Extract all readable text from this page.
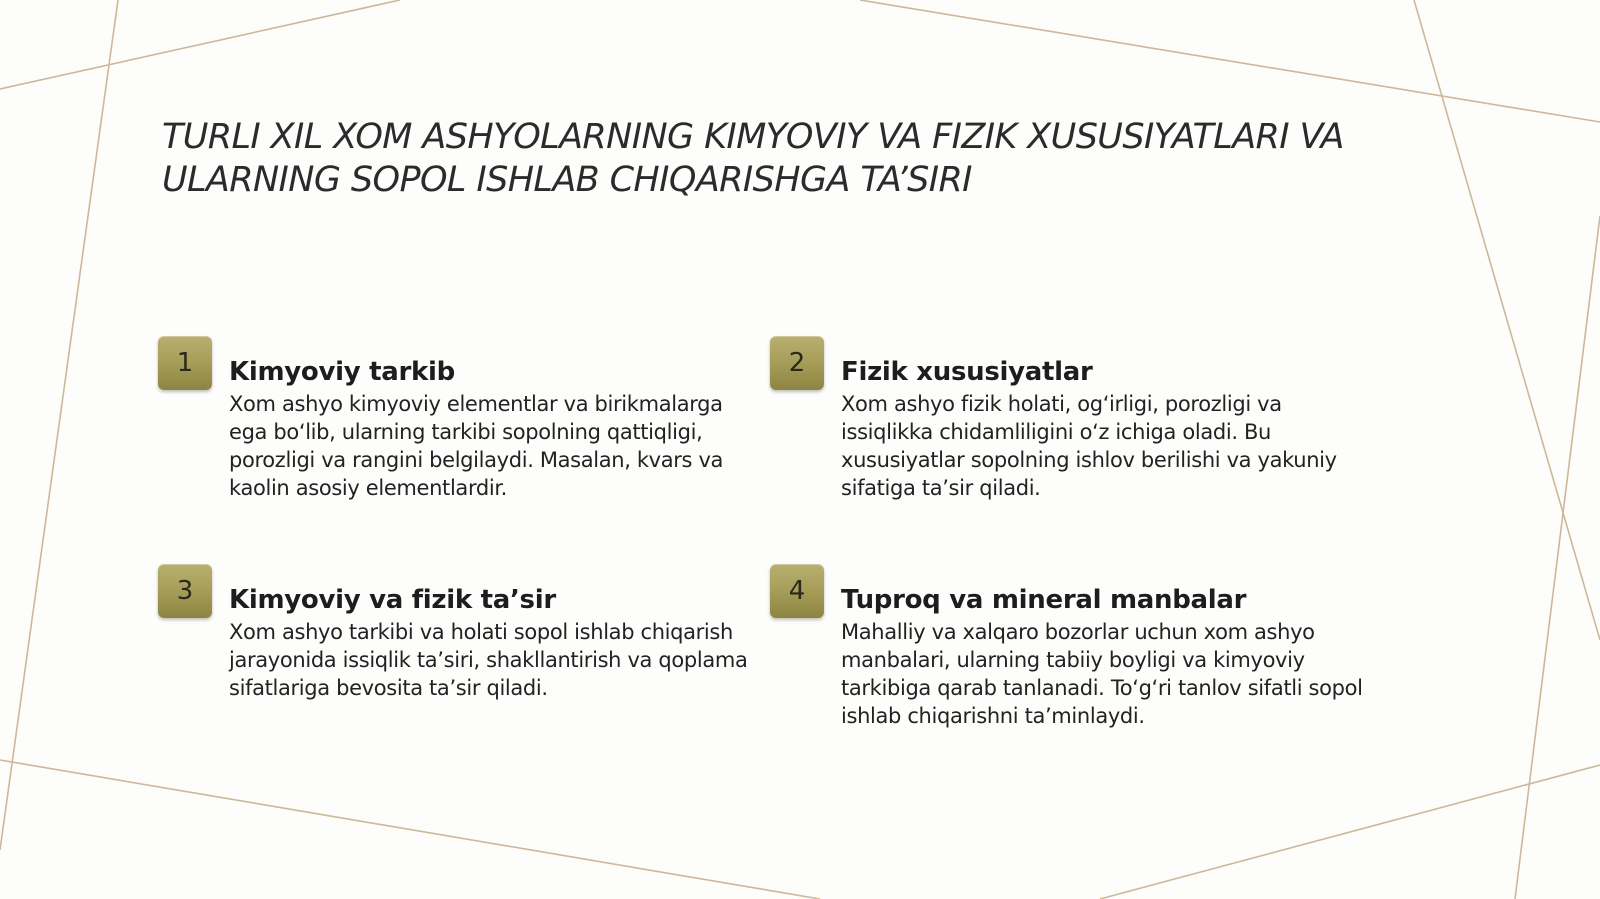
TURLI XIL XOM ASHYOLARNING KIMYOVIY VA FIZIK XUSUSIYATLARI VA ULARNING SOPOL ISHLAB CHIQARISHGA TA’SIRI
1	Kimyoviy tarkib

Xom ashyo kimyoviy elementlar va birikmalarga ega bo‘lib, ularning tarkibi sopolning qattiqligi, porozligi va rangini belgilaydi. Masalan, kvars va kaolin asosiy elementlardir.

2	Fizik xususiyatlar

Xom ashyo fizik holati, og‘irligi, porozligi va issiqlikka chidamliligini o‘z ichiga oladi. Bu xususiyatlar sopolning ishlov berilishi va yakuniy sifatiga ta’sir qiladi.

3	Kimyoviy va fizik ta’sir

Xom ashyo tarkibi va holati sopol ishlab chiqarish jarayonida issiqlik ta’siri, shakllantirish va qoplama sifatlariga bevosita ta’sir qiladi.

4	Tuproq va mineral manbalar

Mahalliy va xalqaro bozorlar uchun xom ashyo manbalari, ularning tabiiy boyligi va kimyoviy tarkibiga qarab tanlanadi. To‘g‘ri tanlov sifatli sopol ishlab chiqarishni ta’minlaydi.
